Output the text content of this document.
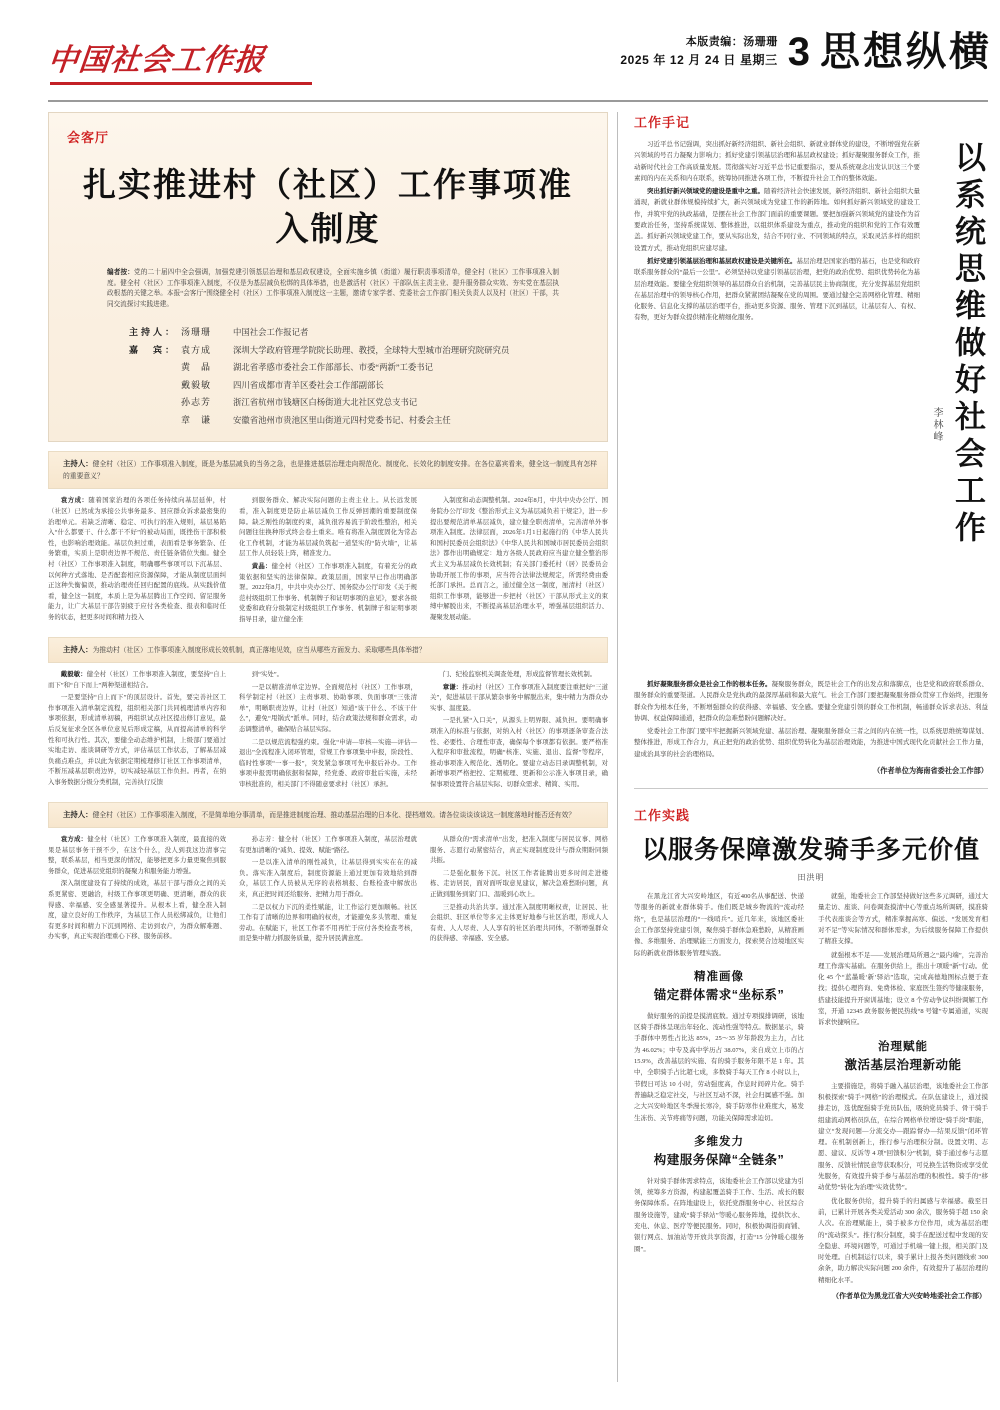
中国社会工作报
本版责编：汤珊珊
2025 年 12 月 24 日 星期三 3 思想纵横
会客厅
扎实推进村（社区）工作事项准入制度
编者按：党的二十届四中全会强调，加强党建引领基层治理和基层政权建设，全面实施乡镇（街道）履行职责事项清单，健全村（社区）工作事项准入制度。健全村（社区）工作事项准入制度，不仅是为基层减负松绑的具体举措，也是激活村（社区）干部队伍主责主业、提升服务群众实效、夯实党在基层执政根基的关键之举。本报“会客厅”围绕健全村（社区）工作事项准入制度这一主题，邀请专家学者、党委社会工作部门相关负责人以及村（社区）干部，共同交流探讨实践进建。
主持人： 汤珊珊	中国社会工作报记者
嘉　宾： 袁方成	深圳大学政府管理学院院长助理、教授，全球特大型城市治理研究院研究员
黄　晶	湖北省孝感市委社会工作部部长、市委“两新”工委书记
戴毅敏	四川省成都市青羊区委社会工作部副部长
孙志芳	浙江省杭州市钱塘区白杨街道大北社区党总支书记
章　谦	安徽省池州市贵池区里山街道元四村党委书记、村委会主任
主持人：健全村（社区）工作事项准入制度，既是为基层减负的当务之急，也是推进基层治理走向规范化、制度化、长效化的制度安排。在各位嘉宾看来，健全这一制度具有怎样的重要意义？
袁方成：随着国家治理的各项任务持续向基层延伸，村（社区）已然成为承接公共事务最多、回应群众诉求最密集的治理单元。若缺乏清晰、稳定、可执行的准入规则，基层易陷入“什么都要干、什么都干不好”的被动局面，既挫伤干部积极性，也影响治理效能。基层负担过重，表面看是事务繁杂、任务繁重，实质上是职责边界不规范、责任链条错位失衡。健全村（社区）工作事项准入制度，明确哪些事项可以下沉基层、以何种方式落地、是否配套相应资源保障，才能从制度层面纠正这种失衡偏误，推动治理责任回归配置的底线。从实践价值看，健全这一制度，本质上是为基层腾出工作空间、留足服务能力，让广大基层干部告别疲于应付各类检查、报表和临时任务的状态，把更多时间和精力投入
到服务群众、解决实际问题的主责主业上。从长远发展看，准入制度更是防止基层减负工作反弹回潮的重要制度保障。缺乏刚性的制度约束，减负很容易流于阶段性整治，相关问题往往换种形式终会卷土重来。唯有将准入制度固化为常态化工作机制，才能为基层减负筑起一道坚实的“防火墙”，让基层工作人员轻装上阵，精准发力。
黄晶：健全村（社区）工作事项准入制度，有着充分的政策依据和坚实的法律保障。政策层面，国家早已作出明确部署。2022年8月，中共中央办公厅、国务院办公厅印发《关于规范村级组织工作事务、机制牌子和证明事项的意见》，要求各级党委和政府分级制定村级组织工作事务、机制牌子和证明事项指导目录，建立健全准
入制度和动态调整机制。2024年8月，中共中央办公厅、国务院办公厅印发《整治形式主义为基层减负若干规定》，进一步提出要规范清单基层减负，建立健全职责清单，完善清单外事项准入制度。法律层面，2026年1月1日起施行的《中华人民共和国村民委员会组织法》《中华人民共和国城市居民委员会组织法》都作出明确规定：地方各级人民政府应当建立健全整治形式主义为基层减负长效机制；有关部门委托村（居）民委员会协助开展工作的事项，应当符合法律法规规定，所需经费由委托部门承担。总而言之，通过健全这一制度，厘清村（社区）组织工作事项，能够进一步把村（社区）干部从形式主义的束缚中解脱出来，不断提高基层治理水平，增强基层组织活力、凝聚发展动能。
主持人：为推动村（社区）工作事项准入制度形成长效机制，真正落地见效，应当从哪些方面发力、采取哪些具体举措？
戴毅敏：健全村（社区）工作事项准入制度，要坚持“自上而下”和“自下而上”两种渠道相结合。
一是要坚持“自上而下”的顶层设计。首先，要完善社区工作事项准入清单制定流程，组织相关部门共同梳理清单内容和事项依据，形成清单初稿，再组织试点社区提出修订意见，最后反复征求全区各单位意见后形成定稿，从而提高清单的科学性和可执行性。其次，要健全动态维护机制，上级部门要通过实地走访、座谈调研等方式，评估基层工作状态，了解基层减负痛点难点，并以此为依据定期梳理修订社区工作事项清单，不断压减基层职责边界，切实减轻基层工作负担。再者，在纳入事务数据分级分类机制，完善执行反馈
到“实处”。
一是以精准清单定边界。全面规范村（社区）工作事项，科学制定村（社区）主责事项、协助事项、负面事项“三张清单”，明晰职责边界，让村（社区）知道“该干什么、不该干什么”，避免“甩锅式”派单。同时，结合政策法规和群众需求，动态调整清单，确保贴合基层实际。
二是以规范流程强约束。强化“申请—审核—实施—评估—退出”全流程准入闭环管理，常规工作事项集中申报，阶段性、临时性事项“一事一报”，突发紧急事项可先申报后补办。工作事项申报需明确依据和保障，经党委、政府审批后实施，未经审核批准的，相关部门不得随意要求村（社区）承担。
门、纪检监察机关调查处理，形成监督管理长效机制。
章谦：推动村（社区）工作事项准入制度要注重把好“三道关”，促进基层干部从繁杂事务中解脱出来，集中精力为群众办实事、温度最。
一是扎紧“入口关”，从源头上明界限、减负担。要明确事项准入的标准与依据，对纳入村（社区）的事项逐条审查合法性、必要性、合理性审查，确保每个事项都有依据。要严格准入程序和审批流程，明确“核准、实施、退出、监督”等程序，推动事项准入规范化、透明化。要建立动态目录调整机制，对新增事项严格把控、定期梳理、更新和公示准入事项目录，确保事项设置符合基层实际、切群众需求、精简、实用。
主持人：健全村（社区）工作事项准入制度，不是简单地分事清单，而是推进制度治理、推动基层治理的日本化、提档增效。请各位谈谈该谈这一制度落地时能否还有效？
袁方成：健全村（社区）工作事项准入制度，最直接的效果是基层事务干预不少，在这个什么，没人到我这边清事完整，联系基层，相当更深的情况，能够把更多力量更聚焦到服务群众，促进基层党组织的凝聚力和服务能力增强。
深入制度建设有了持续的成效，基层干部与群众之间的关系更紧密、更融洽，村级工作事项更明确、更清晰，群众的获得感、幸福感、安全感显著提升。从根本上看，健全准入制度，建立良好的工作秩序，为基层工作人员松绑减负，让他们有更多时间和精力下沉到网格、走访到农户，为群众解难题、办实事，真正实现治理重心下移、服务前移。
孙志芳：健全村（社区）工作事项准入制度，基层治理就有更加清晰的“减负、提效、赋能”路径。
一是以准入清单的刚性减负，让基层得到实实在在的减负。落实准入制度后，制度资源能上通过更加有效地给到群众，基层工作人员被从无序的表格填报、台账检查中解放出来，真正把时间还给服务、把精力用于群众。
二是以权力下沉的柔性赋能，让工作运行更加顺畅。社区工作有了清晰的边界和明确的权责，才能避免多头管理、重复劳动。在赋能下，社区工作者不用再忙于应付各类检查考核，而是集中精力抓服务质量，提升居民满意度。
从群众的“需求清单”出发，把准入制度与居民议事、网格服务、志愿行动紧密结合，真正实现制度设计与群众期盼同频共振。
二是强化服务下沉。社区工作者能腾出更多时间走进楼栋、走访居民，面对面听取意见建议，解决急难愁盼问题，真正做到服务到家门口、温暖到心坎上。
三是推动共治共享。通过准入制度明晰权责，让居民、社会组织、驻区单位等多元主体更好地参与社区治理，形成人人有责、人人尽责、人人享有的社区治理共同体，不断增强群众的获得感、幸福感、安全感。
工作手记
以系统思维做好社会工作
李林峰
习近平总书记强调，突出抓好新经济组织、新社会组织、新就业群体党的建设，不断增强党在新兴领域的号召力凝聚力影响力；抓好党建引领基层治理和基层政权建设；抓好凝聚服务群众工作，推动新时代社会工作高质量发展。贯彻落实好习近平总书记重要指示，要从系统观念出发认识这三个要素间的内在关系和内在联系，统筹协同推进各项工作，不断提升社会工作的整体效能。
突出抓好新兴领域党的建设是重中之重。随着经济社会快速发展，新经济组织、新社会组织大量涌现，新就业群体规模持续扩大，新兴领域成为党建工作的新阵地。如何抓好新兴领域党的建设工作，并筑牢党的执政基础，是摆在社会工作部门面前的重要课题。要把加强新兴领域党的建设作为首要政治任务，坚持系统谋划、整体推进，以组织体系建设为重点，推动党的组织和党的工作有效覆盖。抓好新兴领域党建工作，要从实际出发，结合不同行业、不同领域的特点，采取灵活多样的组织设置方式，推动党组织应建尽建。
抓好党建引领基层治理和基层政权建设是关键所在。基层治理是国家治理的基石，也是党和政府联系服务群众的“最后一公里”。必须坚持以党建引领基层治理，把党的政治优势、组织优势转化为基层治理效能。要健全党组织领导的基层群众自治机制，完善基层民主协商制度，充分发挥基层党组织在基层治理中的领导核心作用，把群众紧紧团结凝聚在党的周围。要通过健全完善网格化管理、精细化服务、信息化支撑的基层治理平台，推动更多资源、服务、管理下沉到基层，让基层有人、有权、有物，更好为群众提供精准化精细化服务。
抓好凝聚服务群众是社会工作的根本任务。凝聚服务群众，既是社会工作的出发点和落脚点，也是党和政府联系群众、服务群众的重要渠道。人民群众是党执政的最深厚基础和最大底气。社会工作部门要把凝聚服务群众贯穿工作始终，把服务群众作为根本任务，不断增强群众的获得感、幸福感、安全感。要健全党建引领的群众工作机制，畅通群众诉求表达、利益协调、权益保障通道，把群众的急难愁盼问题解决好。
党委社会工作部门要牢牢把握新兴领域党建、基层治理、凝聚服务群众三者之间的内在统一性，以系统思维统筹谋划、整体推进，形成工作合力，真正把党的政治优势、组织优势转化为基层治理效能，为推进中国式现代化贡献社会工作力量，建成治具享的社会治理格局。
（作者单位为海南省委社会工作部）
工作实践
以服务保障激发骑手多元价值
田洪明
在黑龙江省大兴安岭地区，有近400名从事配送、快递等服务的新就业群体骑手。他们既是城乡物流的“流动经络”，也是基层治理的“一线哨兵”。近几年来，该地区委社会工作部坚持党建引领，聚焦骑手群体急难愁盼，从精准画像、多维服务、治理赋能三方面发力，探索契合边境地区实际的新就业群体服务管理实践。
精准画像
锚定群体需求“坐标系”
做好服务的前提是摸清底数。通过专项摸排调研，该地区骑手群体呈现出年轻化、流动性强等特点。数据显示，骑手群体中男性占比达 85%，25～35 岁年龄段为主力，占比为 46.02%；中专及高中学历占 38.07%，来自成立上市的占15.9%，改善基层的实施、有的骑手服务年限不足 1 年。其中，全职骑手占比超七成，多数骑手每天工作 8 小时以上，节假日可达 10 小时，劳动强度高，作息时间碎片化。骑手普遍缺乏稳定社交，与社区互动不深，社会归属感不强。加之大兴安岭地区冬季漫长寒冷，骑手防寒作业难度大，易发生冻伤、关节疼痛等问题，功能关保障需求迫切。
多维发力
构建服务保障“全链条”
针对骑手群体需求特点，该地委社会工作部以党建为引领，统筹多方资源，构建起覆盖骑手工作、生活、成长的服务保障体系。在阵地建设上，依托党群服务中心、社区综合服务设施等，建成“骑手驿站”等暖心服务阵地，提供饮水、充电、休息、医疗等便民服务。同时，积极协调沿街商铺、银行网点、加油站等开放共享资源，打造“15 分钟暖心服务圈”。
就强，地委社会工作部坚持做好这些多元调研，通过大量走访、座谈、问卷调查摸清中心等重点场所调研，摸准骑手代表座谈会等方式，精准掌握高寒、偏远、“发展发育相对不足”等实际情况和群体需求，为后续服务保障工作提供了精准支撑。
就强根本不足——发展治理局所遇之“最内端”，完善治理工作落实基础。在服务供给上，推出十项暖“新”行动。优化 45 个“蓝墨暖‘新’驿站”选取，完成高德地图标点便于查找；提供心理咨询、免费体检、家庭医生签约等健康服务，搭建技能提升开窗训基地；设立 8 个劳动争议纠纷调解工作室，开通 12345 政务服务便民热线“8 号键”专属通道，实现诉求快捷响应。
治理赋能
激活基层治理新动能
主要措施是，将骑手融入基层治理，该地委社会工作部积极探索“骑手+网格”的治理模式。在队伍建设上，通过摸排走访，选优配强骑手党员队伍，吸纳党员骑手、骨干骑手组建流动网格员队伍，在综合网格单位增设“骑手岗”职能，建立“发现问题—分流交办—跟踪督办—结果反馈”闭环管理。在机制创新上，推行参与治理积分制。设置文明、志愿、建议、反诉等 4 项“回馈积分”机制，骑手通过参与志愿服务、反馈社情民意等获取积分，可兑换生活物资或享受优先服务，有效提升骑手参与基层治理的积极性。骑手的“移动优势”转化为治理“实效优势”。
优化服务供给，提升骑手的归属感与幸福感。截至目前，已累计开展各类关爱活动 300 余次，服务骑手超 150 余人次。在治理赋能上，骑手被多方位作用，成为基层治理的“流动探头”。推行积分制度，骑手在配送过程中发现的安全隐患、环境问题等，可通过手机端一键上报，相关部门及时处理。自机制运行以来，骑手累计上报各类问题线索 300 余条，助力解决实际问题 200 余件，有效提升了基层治理的精细化水平。
（作者单位为黑龙江省大兴安岭地委社会工作部）
